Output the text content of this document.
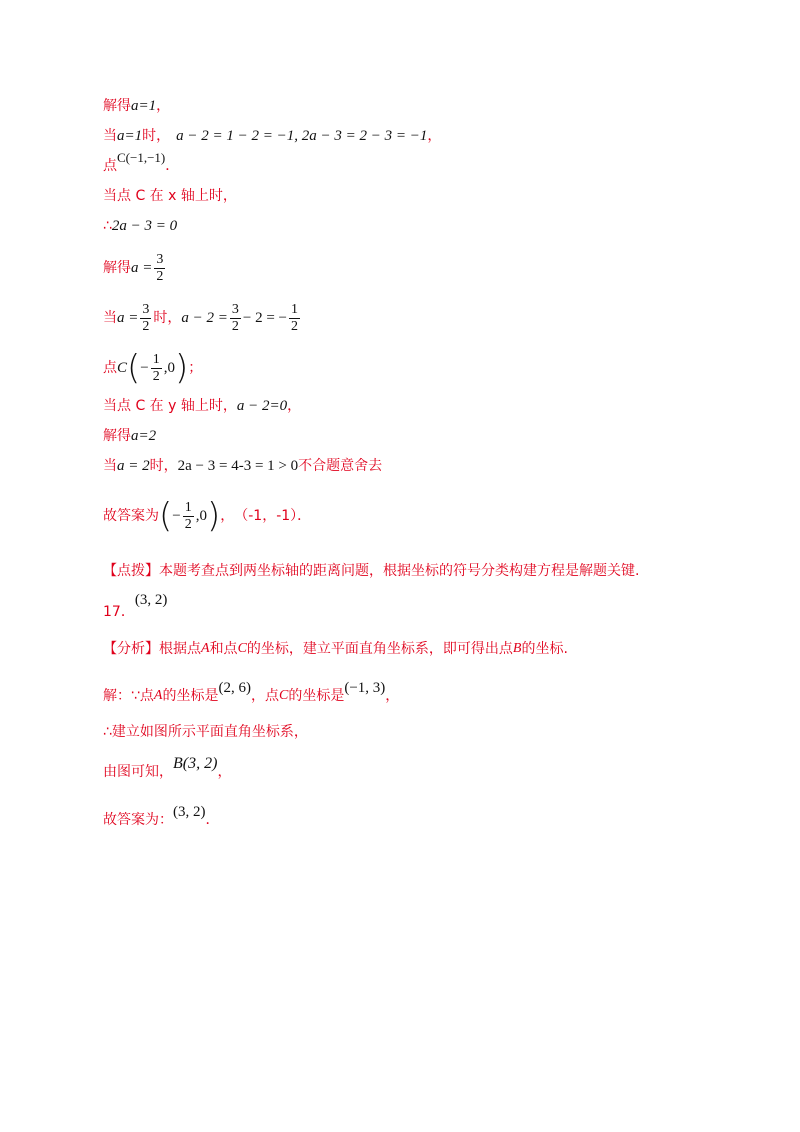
解得 a=1 ，
当 a=1 时， a − 2 = 1 − 2 = −1, 2a − 3 = 2 − 3 = −1 ，
点
C(−1,−1)
．
当点 C 在 x 轴上时，
∴ 2a − 3 = 0
解得 $a = \frac{3}{2}$
当 $a = \frac{3}{2}$ 时， $a - 2 = \frac{3}{2} - 2$ = − $\frac{1}{2}$
点 C ( − $\frac{1}{2} ,0$ ) ；
当点 C 在 y 轴上时， a − 2=0 ，
解得 a=2
当 a = 2 时， 2a − 3 = 4-3 = 1 > 0 不合题意舍去
故答案为 ( − $\frac{1}{2} ,0$ ) ，　（-1，-1）．
【点拨】 本题考查点到两坐标轴的距离问题，根据坐标的符号分类构建方程是解题关键.
17．
(3, 2)
【分析】 根据点 A 和点 C 的坐标，建立平面直角坐标系，即可得出点 B 的坐标.
解：∵点 A 的坐标是 (2, 6) ，点 C 的坐标是 (−1, 3) ，
∴建立如图所示平面直角坐标系，
由图可知， B(3, 2) ，
故答案为： (3, 2) ．
